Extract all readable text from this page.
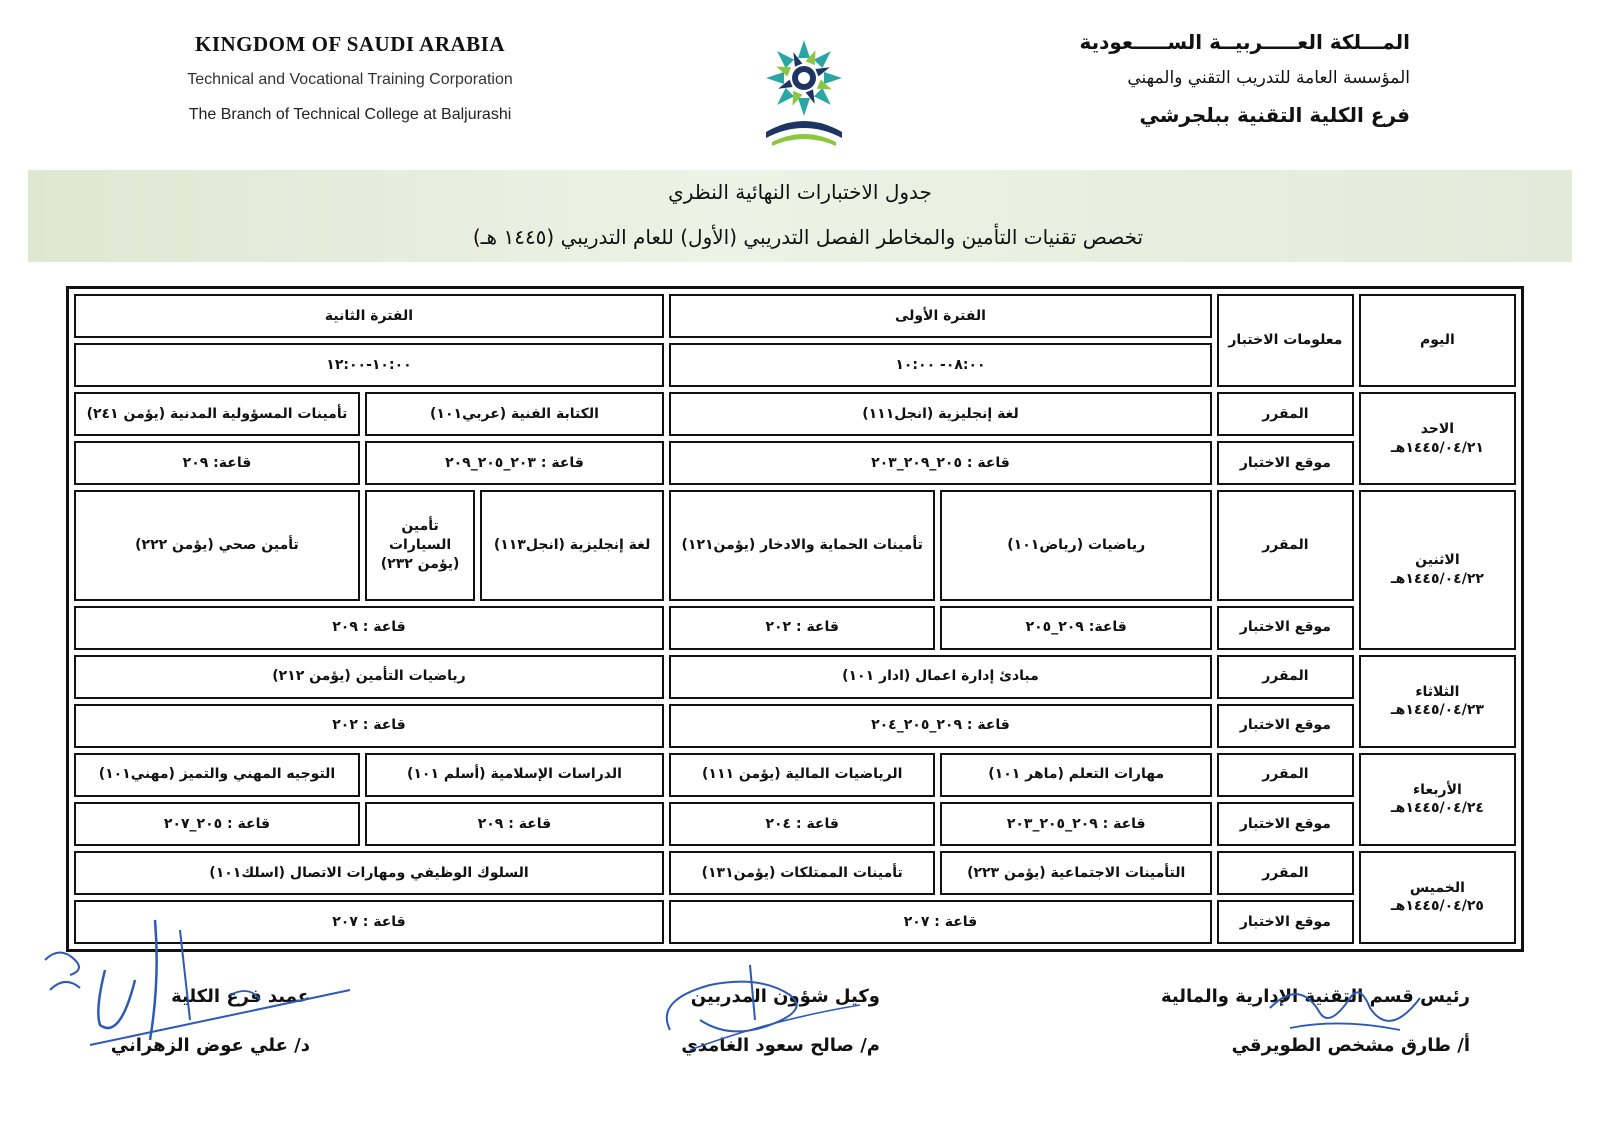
KINGDOM OF SAUDI ARABIA
Technical and Vocational Training Corporation
The Branch of Technical College at Baljurashi
المـــلكة العـــــربيــة الســـــعودية
المؤسسة العامة للتدريب التقني والمهني
فرع الكلية التقنية ببلجرشي
جدول الاختبارات النهائية النظري
تخصص تقنيات التأمين والمخاطر الفصل التدريبي (الأول) للعام التدريبي (١٤٤٥ هـ)
اليوم	معلومات الاختبار	الفترة الأولى		الفترة الثانية		
		٠٨:٠٠- ١٠:٠٠		١٠:٠٠-١٢:٠٠		

الاحد
١٤٤٥/٠٤/٢١هـ	المقرر	لغة إنجليزية (انجل١١١)		الكتابة الفنية (عربي١٠١)		تأمينات المسؤولية المدنية (يؤمن ٢٤١)
	موقع الاختبار	قاعة : ٢٠٥_٢٠٩_٢٠٣		قاعة : ٢٠٣_٢٠٥_٢٠٩		قاعة: ٢٠٩

الاثنين
١٤٤٥/٠٤/٢٢هـ	المقرر	رياضيات (رياض١٠١)	تأمينات الحماية والادخار (يؤمن١٢١)	لغة إنجليزية (انجل١١٣)	تأمين السيارات (يؤمن ٢٣٢)	تأمين صحي (يؤمن ٢٢٢)
	موقع الاختبار	قاعة: ٢٠٩_٢٠٥	قاعة : ٢٠٢	قاعة : ٢٠٩		

الثلاثاء
١٤٤٥/٠٤/٢٣هـ	المقرر	مبادئ إدارة اعمال (ادار ١٠١)		رياضيات التأمين (يؤمن ٢١٢)		
	موقع الاختبار	قاعة : ٢٠٩_٢٠٥_٢٠٤		قاعة : ٢٠٢		

الأربعاء
١٤٤٥/٠٤/٢٤هـ	المقرر	مهارات التعلم (ماهر ١٠١)	الرياضيات المالية (يؤمن ١١١)	الدراسات الإسلامية (أسلم ١٠١)		التوجيه المهني والتميز (مهني١٠١)
	موقع الاختبار	قاعة : ٢٠٩_٢٠٥_٢٠٣	قاعة : ٢٠٤	قاعة : ٢٠٩		قاعة : ٢٠٥_٢٠٧

الخميس
١٤٤٥/٠٤/٢٥هـ	المقرر	التأمينات الاجتماعية (يؤمن ٢٢٣)	تأمينات الممتلكات (يؤمن١٣١)	السلوك الوظيفي ومهارات الاتصال (اسلك١٠١)		
	موقع الاختبار	قاعة : ٢٠٧		قاعة : ٢٠٧		
رئيس قسم التقنية الإدارية والمالية
أ/ طارق مشخص الطويرقي
وكيل شؤون المدربين
م/ صالح سعود الغامدي
عميد فرع الكلية
د/ علي عوض الزهراني
